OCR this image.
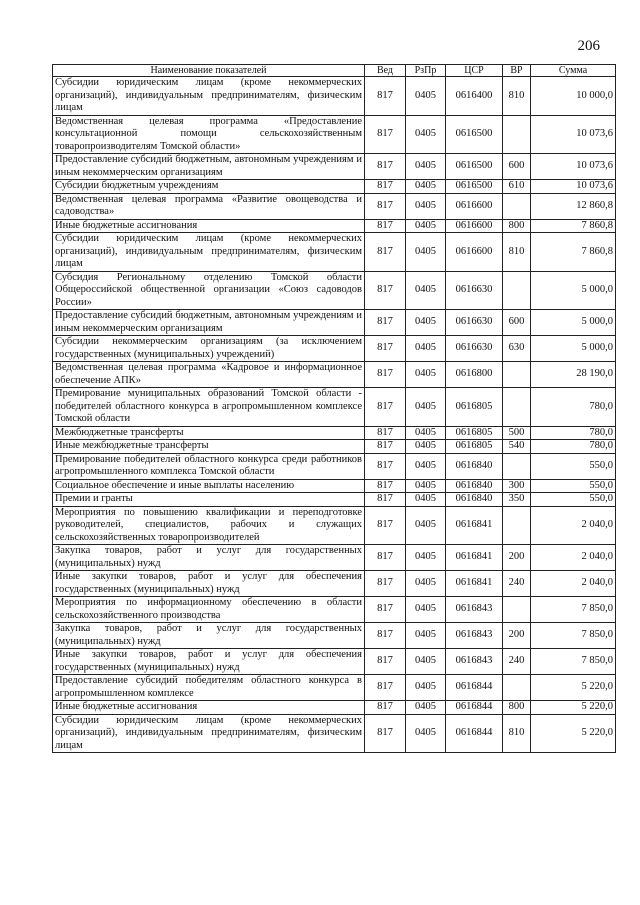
206
Наименование показателей	Вед	РзПр	ЦСР	ВР	Сумма
Субсидии юридическим лицам (кроме некоммерческих организаций), индивидуальным предпринимателям, физическим лицам	817	0405	0616400	810	10 000,0
Ведомственная целевая программа «Предоставление консультационной помощи сельскохозяйственным товаропроизводителям Томской области»	817	0405	0616500		10 073,6
Предоставление субсидий бюджетным, автономным учреждениям и иным некоммерческим организациям	817	0405	0616500	600	10 073,6
Субсидии бюджетным учреждениям	817	0405	0616500	610	10 073,6
Ведомственная целевая программа «Развитие овощеводства и садоводства»	817	0405	0616600		12 860,8
Иные бюджетные ассигнования	817	0405	0616600	800	7 860,8
Субсидии юридическим лицам (кроме некоммерческих организаций), индивидуальным предпринимателям, физическим лицам	817	0405	0616600	810	7 860,8
Субсидия Региональному отделению Томской области Общероссийской общественной организации «Союз садоводов России»	817	0405	0616630		5 000,0
Предоставление субсидий бюджетным, автономным учреждениям и иным некоммерческим организациям	817	0405	0616630	600	5 000,0
Субсидии некоммерческим организациям (за исключением государственных (муниципальных) учреждений)	817	0405	0616630	630	5 000,0
Ведомственная целевая программа «Кадровое и информационное обеспечение АПК»	817	0405	0616800		28 190,0
Премирование муниципальных образований Томской области - победителей областного конкурса в агропромышленном комплексе Томской области	817	0405	0616805		780,0
Межбюджетные трансферты	817	0405	0616805	500	780,0
Иные межбюджетные трансферты	817	0405	0616805	540	780,0
Премирование победителей областного конкурса среди работников агропромышленного комплекса Томской области	817	0405	0616840		550,0
Социальное обеспечение и иные выплаты населению	817	0405	0616840	300	550,0
Премии и гранты	817	0405	0616840	350	550,0
Мероприятия по повышению квалификации и переподготовке руководителей, специалистов, рабочих и служащих сельскохозяйственных товаропроизводителей	817	0405	0616841		2 040,0
Закупка товаров, работ и услуг для государственных (муниципальных) нужд	817	0405	0616841	200	2 040,0
Иные закупки товаров, работ и услуг для обеспечения государственных (муниципальных) нужд	817	0405	0616841	240	2 040,0
Мероприятия по информационному обеспечению в области сельскохозяйственного производства	817	0405	0616843		7 850,0
Закупка товаров, работ и услуг для государственных (муниципальных) нужд	817	0405	0616843	200	7 850,0
Иные закупки товаров, работ и услуг для обеспечения государственных (муниципальных) нужд	817	0405	0616843	240	7 850,0
Предоставление субсидий победителям областного конкурса в агропромышленном комплексе	817	0405	0616844		5 220,0
Иные бюджетные ассигнования	817	0405	0616844	800	5 220,0
Субсидии юридическим лицам (кроме некоммерческих организаций), индивидуальным предпринимателям, физическим лицам	817	0405	0616844	810	5 220,0
